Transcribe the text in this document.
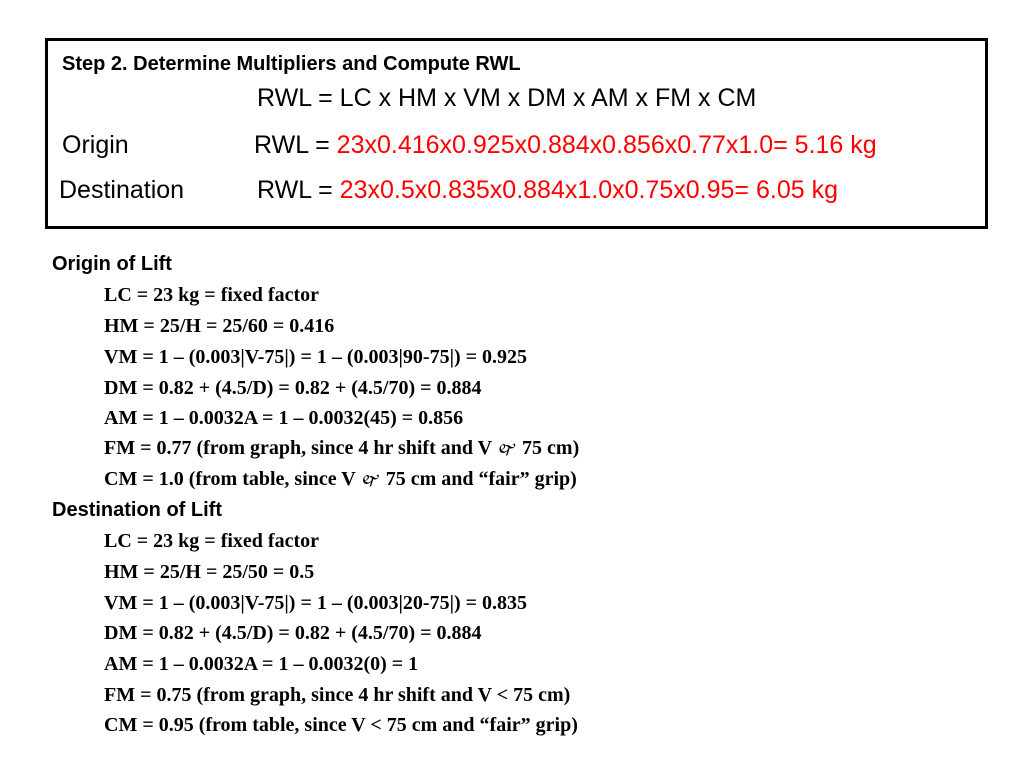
Step 2. Determine Multipliers and Compute RWL
RWL = LC x HM x VM x DM x AM x FM x CM
Origin	RWL = 23x0.416x0.925x0.884x0.856x0.77x1.0= 5.16 kg
Destination	RWL = 23x0.5x0.835x0.884x1.0x0.75x0.95= 6.05 kg
Origin of Lift
LC = 23 kg = fixed factor
HM = 25/H = 25/60 = 0.416
VM = 1 – (0.003|V-75|) = 1 – (0.003|90-75|) = 0.925
DM = 0.82 + (4.5/D) = 0.82 + (4.5/70) = 0.884
AM = 1 – 0.0032A = 1 – 0.0032(45) = 0.856
FM = 0.77 (from graph, since 4 hr shift and V 🙰 75 cm)
CM = 1.0 (from table, since V 🙰 75 cm and “fair” grip)
Destination of Lift
LC = 23 kg = fixed factor
HM = 25/H = 25/50 = 0.5
VM = 1 – (0.003|V-75|) = 1 – (0.003|20-75|) = 0.835
DM = 0.82 + (4.5/D) = 0.82 + (4.5/70) = 0.884
AM = 1 – 0.0032A = 1 – 0.0032(0) = 1
FM = 0.75 (from graph, since 4 hr shift and V < 75 cm)
CM = 0.95 (from table, since V < 75 cm and “fair” grip)
